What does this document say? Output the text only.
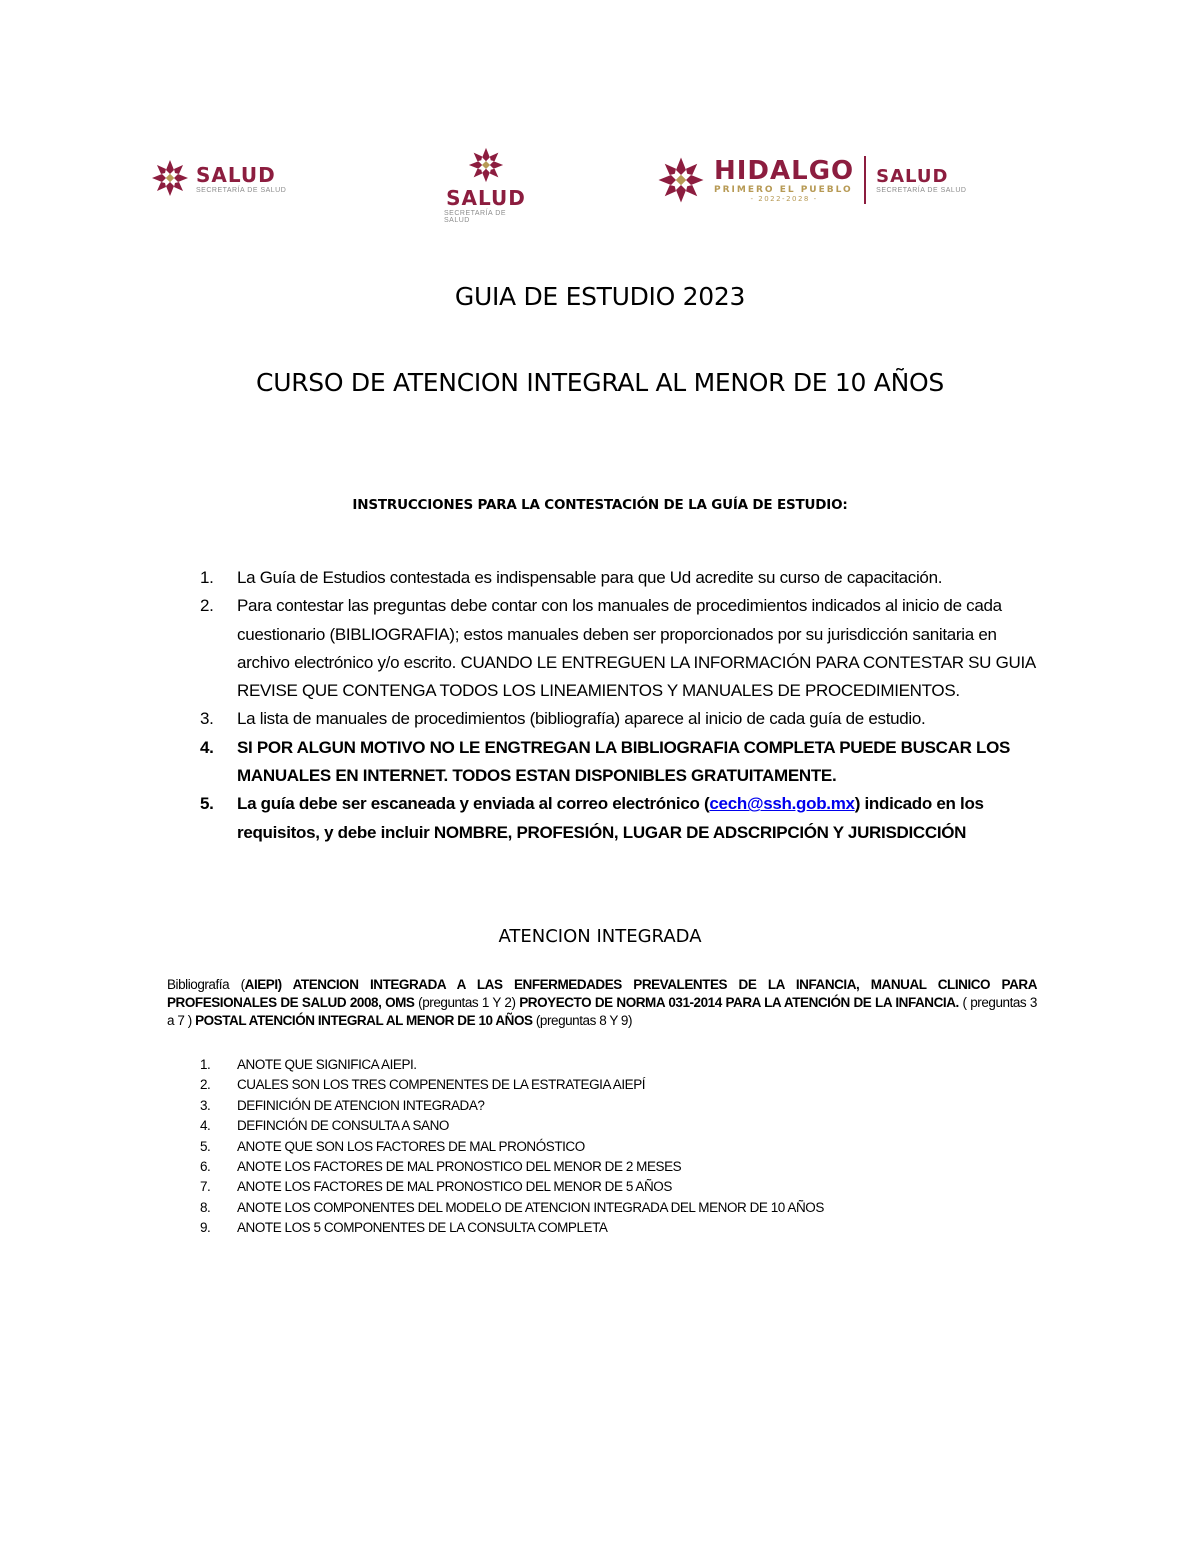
SALUD
SECRETARÍA DE SALUD	SALUD
SECRETARÍA DE SALUD
HIDALGO
PRIMERO EL PUEBLO
- 2022-2028 -
SALUD
SECRETARÍA DE SALUD
GUIA DE ESTUDIO 2023
CURSO DE ATENCION INTEGRAL AL MENOR DE 10 AÑOS
INSTRUCCIONES PARA LA CONTESTACIÓN DE LA GUÍA DE ESTUDIO:
1. La Guía de Estudios contestada es indispensable para que Ud acredite su curso de capacitación.
2. Para contestar las preguntas debe contar con los manuales de procedimientos indicados al inicio de cada cuestionario (BIBLIOGRAFIA); estos manuales deben ser proporcionados por su jurisdicción sanitaria en archivo electrónico y/o escrito. CUANDO LE ENTREGUEN LA INFORMACIÓN PARA CONTESTAR SU GUIA REVISE QUE CONTENGA TODOS LOS LINEAMIENTOS Y MANUALES DE PROCEDIMIENTOS.
3. La lista de manuales de procedimientos (bibliografía) aparece al inicio de cada guía de estudio.
4. SI POR ALGUN MOTIVO NO LE ENGTREGAN LA BIBLIOGRAFIA COMPLETA PUEDE BUSCAR LOS MANUALES EN INTERNET. TODOS ESTAN DISPONIBLES GRATUITAMENTE.
5. La guía debe ser escaneada y enviada al correo electrónico (cech@ssh.gob.mx) indicado en los requisitos, y debe incluir NOMBRE, PROFESIÓN, LUGAR DE ADSCRIPCIÓN Y JURISDICCIÓN
ATENCION INTEGRADA
Bibliografía (AIEPI) ATENCION INTEGRADA A LAS ENFERMEDADES PREVALENTES DE LA INFANCIA, MANUAL CLINICO PARA PROFESIONALES DE SALUD 2008, OMS (preguntas 1 Y 2) PROYECTO DE NORMA 031-2014 PARA LA ATENCIÓN DE LA INFANCIA. ( preguntas 3 a 7 ) POSTAL ATENCIÓN INTEGRAL AL MENOR DE 10 AÑOS (preguntas 8 Y 9)
1. ANOTE QUE SIGNIFICA AIEPI.
2. CUALES SON LOS TRES COMPENENTES DE LA ESTRATEGIA AIEPÍ
3. DEFINICIÓN DE ATENCION INTEGRADA?
4. DEFINCIÓN DE CONSULTA A SANO
5. ANOTE QUE SON LOS FACTORES DE MAL PRONÓSTICO
6. ANOTE LOS FACTORES DE MAL PRONOSTICO DEL MENOR DE 2 MESES
7. ANOTE LOS FACTORES DE MAL PRONOSTICO DEL MENOR DE 5 AÑOS
8. ANOTE LOS COMPONENTES DEL MODELO DE ATENCION INTEGRADA DEL MENOR DE 10 AÑOS
9. ANOTE LOS 5 COMPONENTES DE LA CONSULTA COMPLETA
